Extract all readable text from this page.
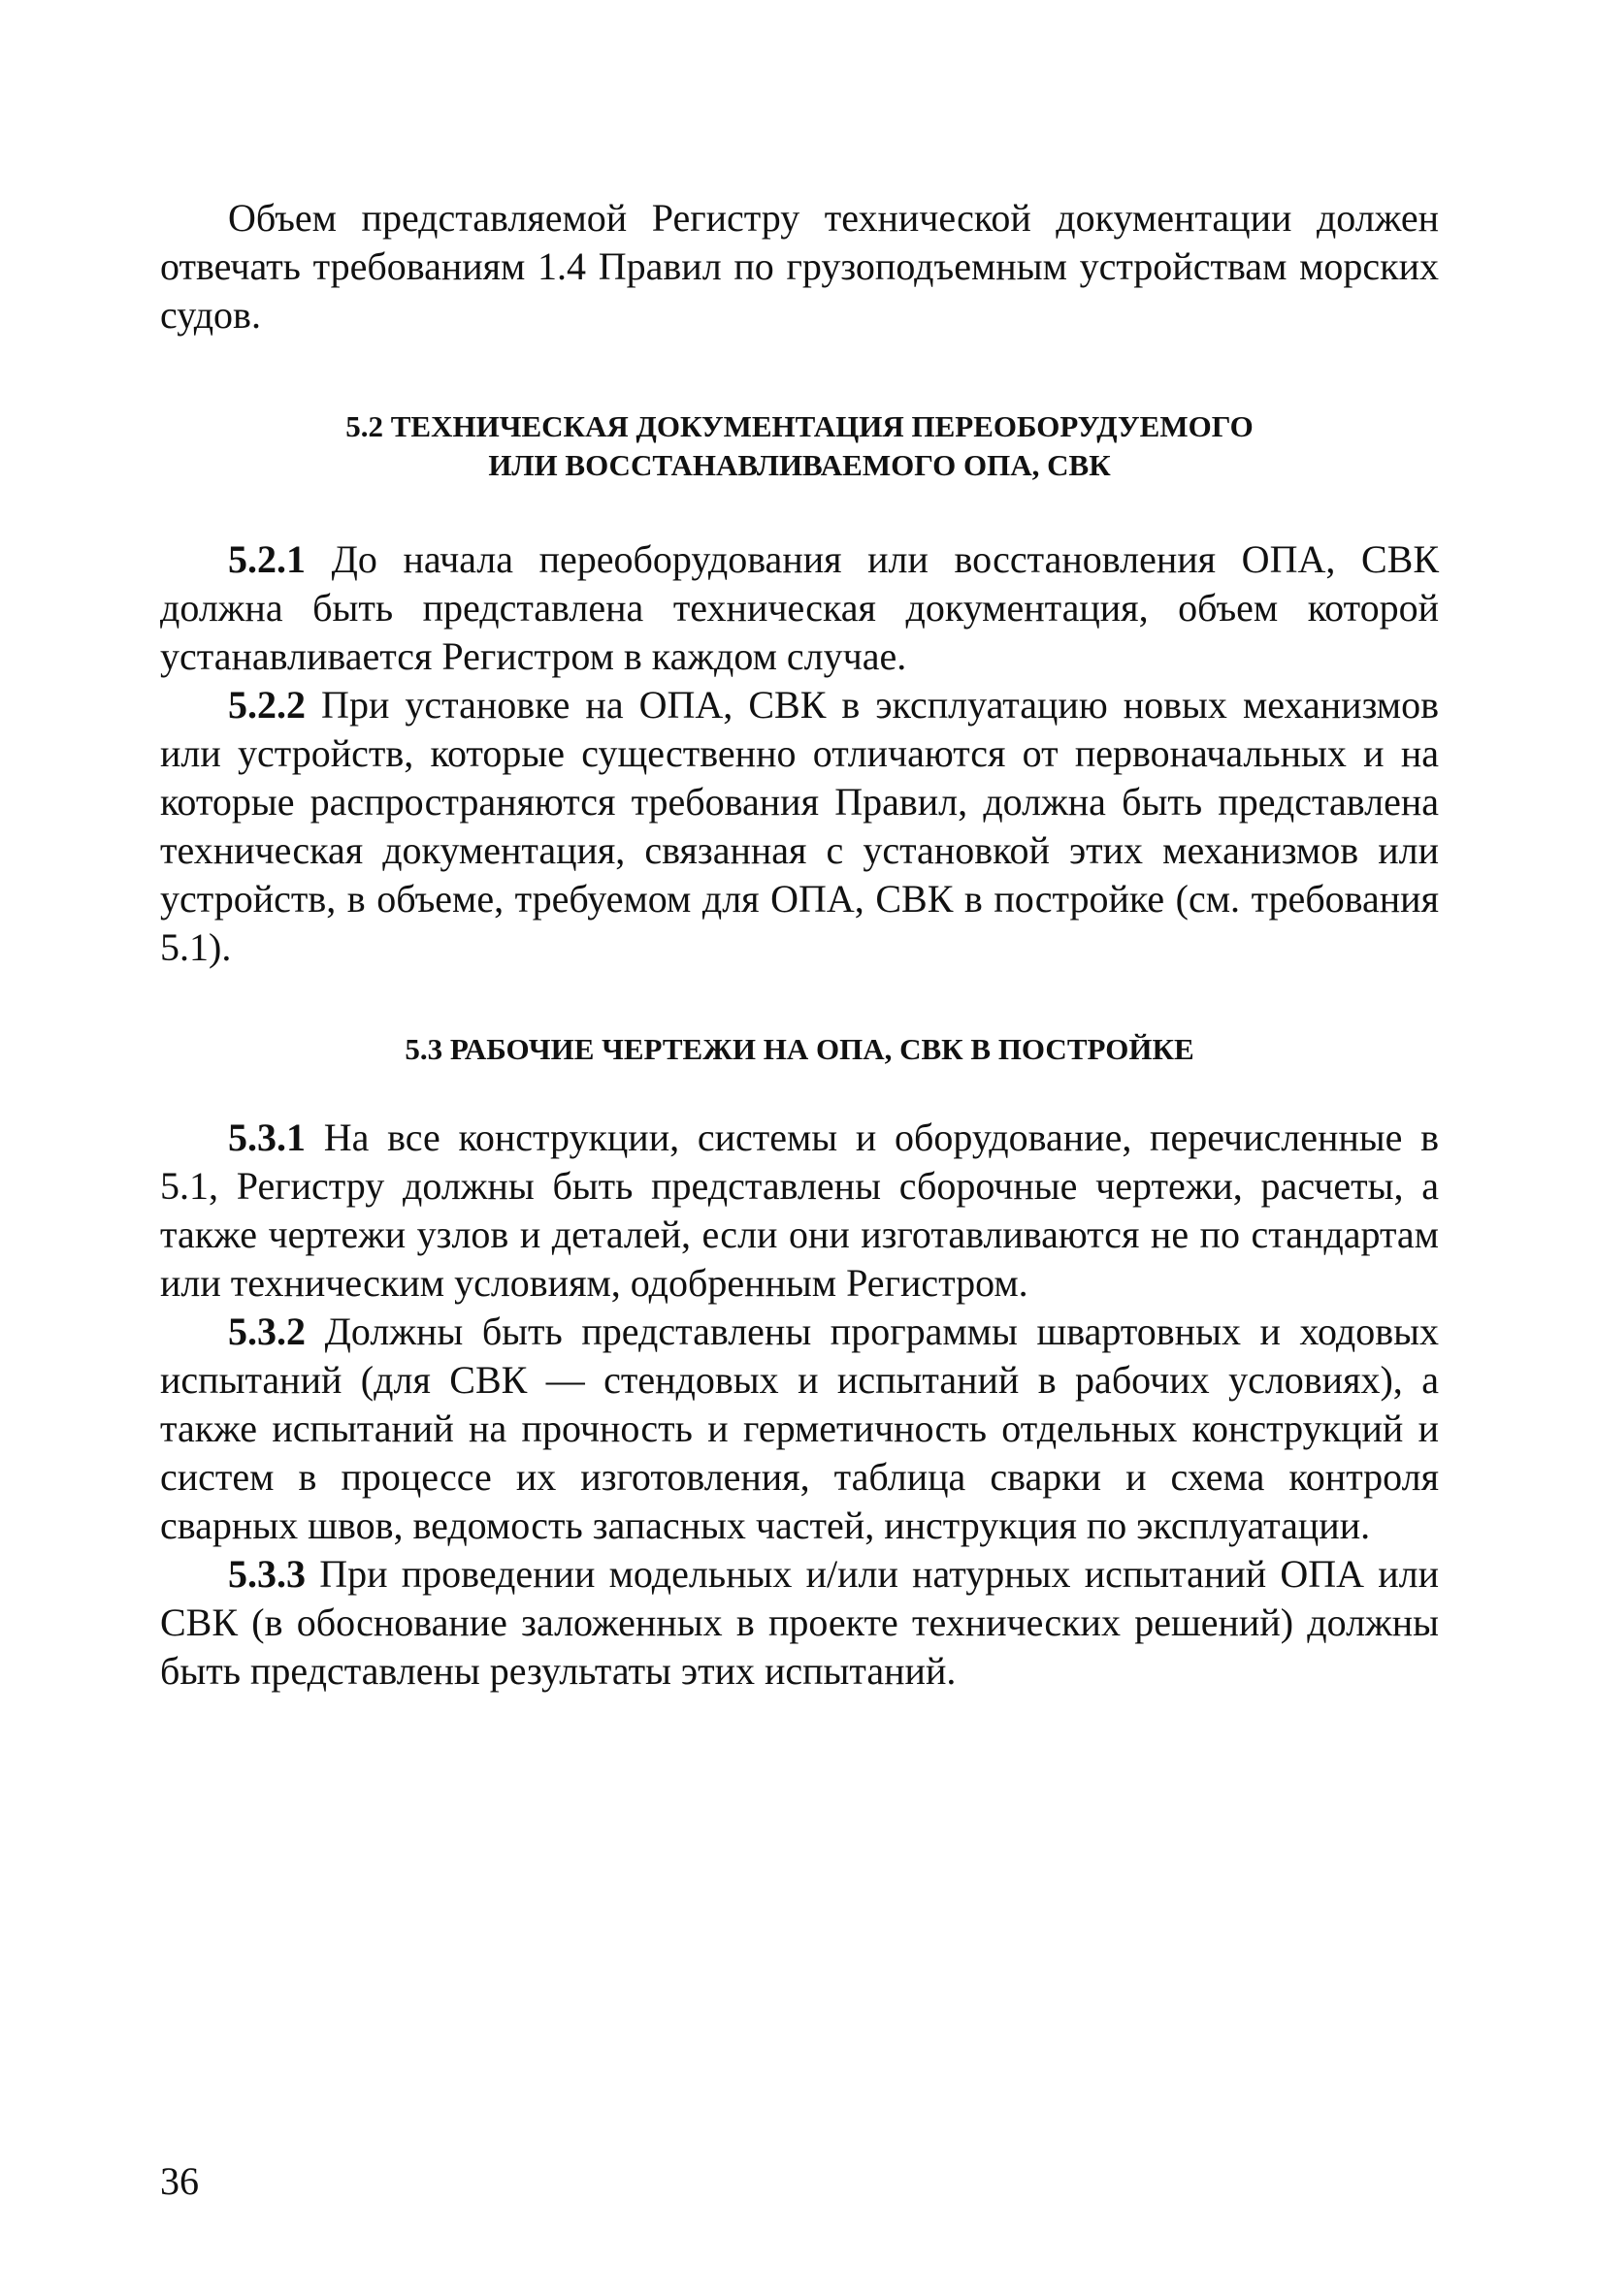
Объем представляемой Регистру технической документации должен отвечать требованиям 1.4 Правил по грузоподъемным устройствам морских судов.

5.2 ТЕХНИЧЕСКАЯ ДОКУМЕНТАЦИЯ ПЕРЕОБОРУДУЕМОГО
ИЛИ ВОССТАНАВЛИВАЕМОГО ОПА, СВК

5.2.1 До начала переоборудования или восстановления ОПА, СВК должна быть представлена техническая документация, объем которой устанавливается Регистром в каждом случае.

5.2.2 При установке на ОПА, СВК в эксплуатацию новых механизмов или устройств, которые существенно отличаются от первоначальных и на которые распространяются требования Правил, должна быть представлена техническая документация, связанная с установкой этих механизмов или устройств, в объеме, требуемом для ОПА, СВК в постройке (см. требования 5.1).

5.3 РАБОЧИЕ ЧЕРТЕЖИ НА ОПА, СВК В ПОСТРОЙКЕ

5.3.1 На все конструкции, системы и оборудование, перечисленные в 5.1, Регистру должны быть представлены сборочные чертежи, расчеты, а также чертежи узлов и деталей, если они изготавливаются не по стандартам или техническим условиям, одобренным Регистром.

5.3.2 Должны быть представлены программы швартовных и ходовых испытаний (для СВК — стендовых и испытаний в рабочих условиях), а также испытаний на прочность и герметичность отдельных конструкций и систем в процессе их изготовления, таблица сварки и схема контроля сварных швов, ведомость запасных частей, инструкция по эксплуатации.

5.3.3 При проведении модельных и/или натурных испытаний ОПА или СВК (в обоснование заложенных в проекте технических решений) должны быть представлены результаты этих испытаний.

36
